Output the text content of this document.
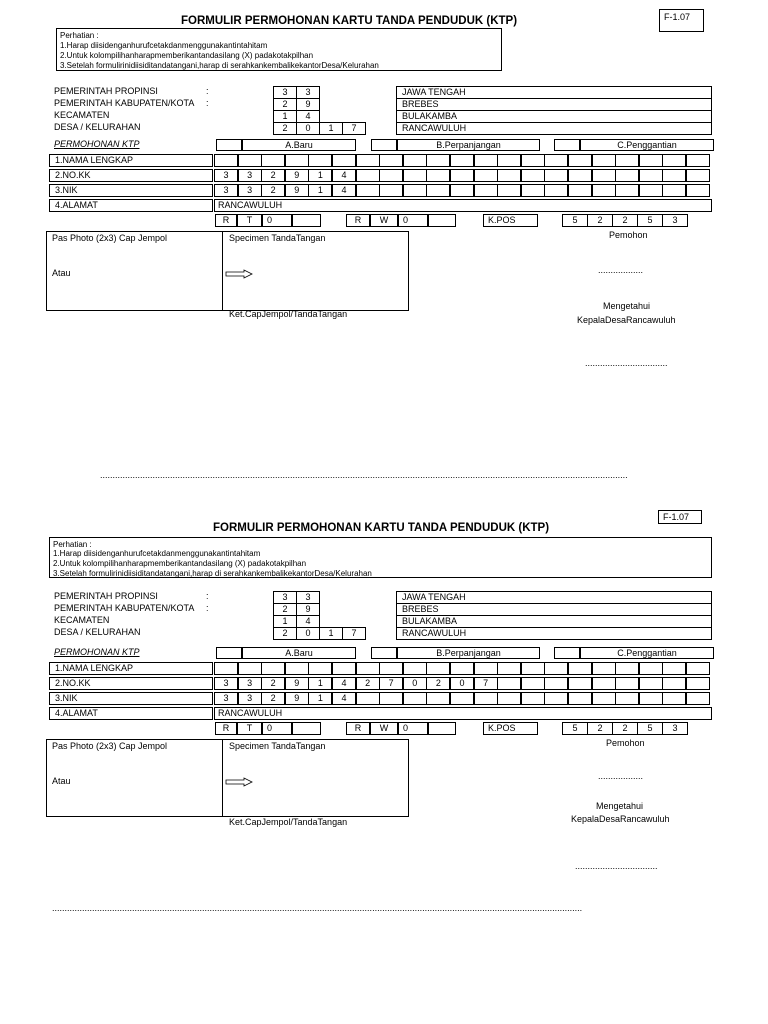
F-1.07
FORMULIR PERMOHONAN KARTU TANDA PENDUDUK (KTP)
Perhatian :
1.Harap diisidenganhurufcetakdanmenggunakantintahitam
2.Untuk kolompilihanharapmemberikantandasilang (X) padakotakpilhan
3.Setelah formulirinidiisiditandatangani,harap di serahkankembalikekantorDesa/Kelurahan
PEMERINTAH PROPINSI	:	3	3	JAWA TENGAH
PEMERINTAH KABUPATEN/KOTA :	2	9	BREBES
KECAMATEN	1	4	BULAKAMBA
DESA / KELURAHAN	2	0	1	7	RANCAWULUH
PERMOHONAN KTP	A.Baru	B.Perpanjangan	C.Penggantian
1.NAMA LENGKAP
2.NO.KK	3	3	2	9	1	4
3.NIK	3	3	2	9	1	4
4.ALAMAT	RANCAWULUH
R	T	0	R	W	0	K.POS	5	2	2	5	3
Pas Photo (2x3) Cap Jempol	Specimen TandaTangan
Atau
Ket.CapJempol/TandaTangan
Pemohon
..................
Mengetahui
KepalaDesaRancawuluh
.................................
...................................................................................................................................................................................................................
F-1.07
FORMULIR PERMOHONAN KARTU TANDA PENDUDUK (KTP)
Perhatian :
1.Harap diisidenganhurufcetakdanmenggunakantintahitam
2.Untuk kolompilihanharapmemberikantandasilang (X) padakotakpilhan
3.Setelah formulirinidiisiditandatangani,harap di serahkankembalikekantorDesa/Kelurahan
PEMERINTAH PROPINSI	:	3	3	JAWA TENGAH
PEMERINTAH KABUPATEN/KOTA :	2	9	BREBES
KECAMATEN	1	4	BULAKAMBA
DESA / KELURAHAN	2	0	1	7	RANCAWULUH
PERMOHONAN KTP	A.Baru	B.Perpanjangan	C.Penggantian
1.NAMA LENGKAP
2.NO.KK	3	3	2	9	1	4	2	7	0	2	0	7
3.NIK	3	3	2	9	1	4
4.ALAMAT	RANCAWULUH
R	T	0	R	W	0	K.POS	5	2	2	5	3
Pas Photo (2x3) Cap Jempol	Specimen TandaTangan
Atau
Ket.CapJempol/TandaTangan
Pemohon
..................
Mengetahui
KepalaDesaRancawuluh
.................................
....................................................................................................................................................................................................................
